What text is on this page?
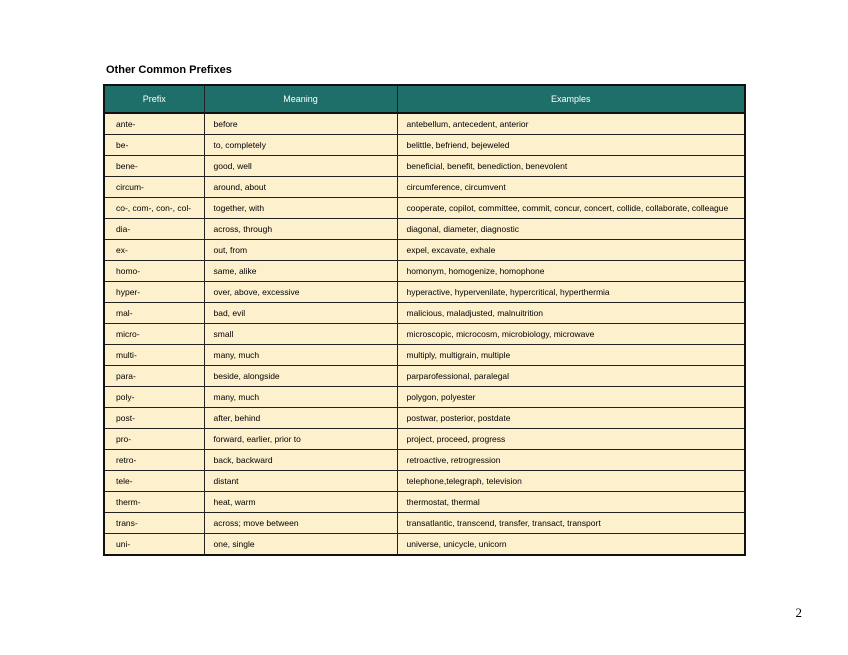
Other Common Prefixes
Prefix	Meaning	Examples
ante-	before	antebellum, antecedent, anterior
be-	to, completely	belittle, befriend, bejeweled
bene-	good, well	beneficial, benefit, benediction, benevolent
circum-	around, about	circumference, circumvent
co-, com-, con-, col-	together, with	cooperate, copilot, committee, commit, concur, concert, collide, collaborate, colleague
dia-	across, through	diagonal, diameter, diagnostic
ex-	out, from	expel, excavate, exhale
homo-	same, alike	homonym, homogenize, homophone
hyper-	over, above, excessive	hyperactive, hypervenilate, hypercritical, hyperthermia
mal-	bad, evil	malicious, maladjusted, malnuitrition
micro-	small	microscopic, microcosm, microbiology, microwave
multi-	many, much	multiply, multigrain, multiple
para-	beside, alongside	parparofessional, paralegal
poly-	many, much	polygon, polyester
post-	after, behind	postwar, posterior, postdate
pro-	forward, earlier, prior to	project, proceed, progress
retro-	back, backward	retroactive, retrogression
tele-	distant	telephone,telegraph, television
therm-	heat, warm	thermostat, thermal
trans-	across; move between	transatlantic, transcend, transfer, transact, transport
uni-	one, single	universe, unicycle, unicorn
2
